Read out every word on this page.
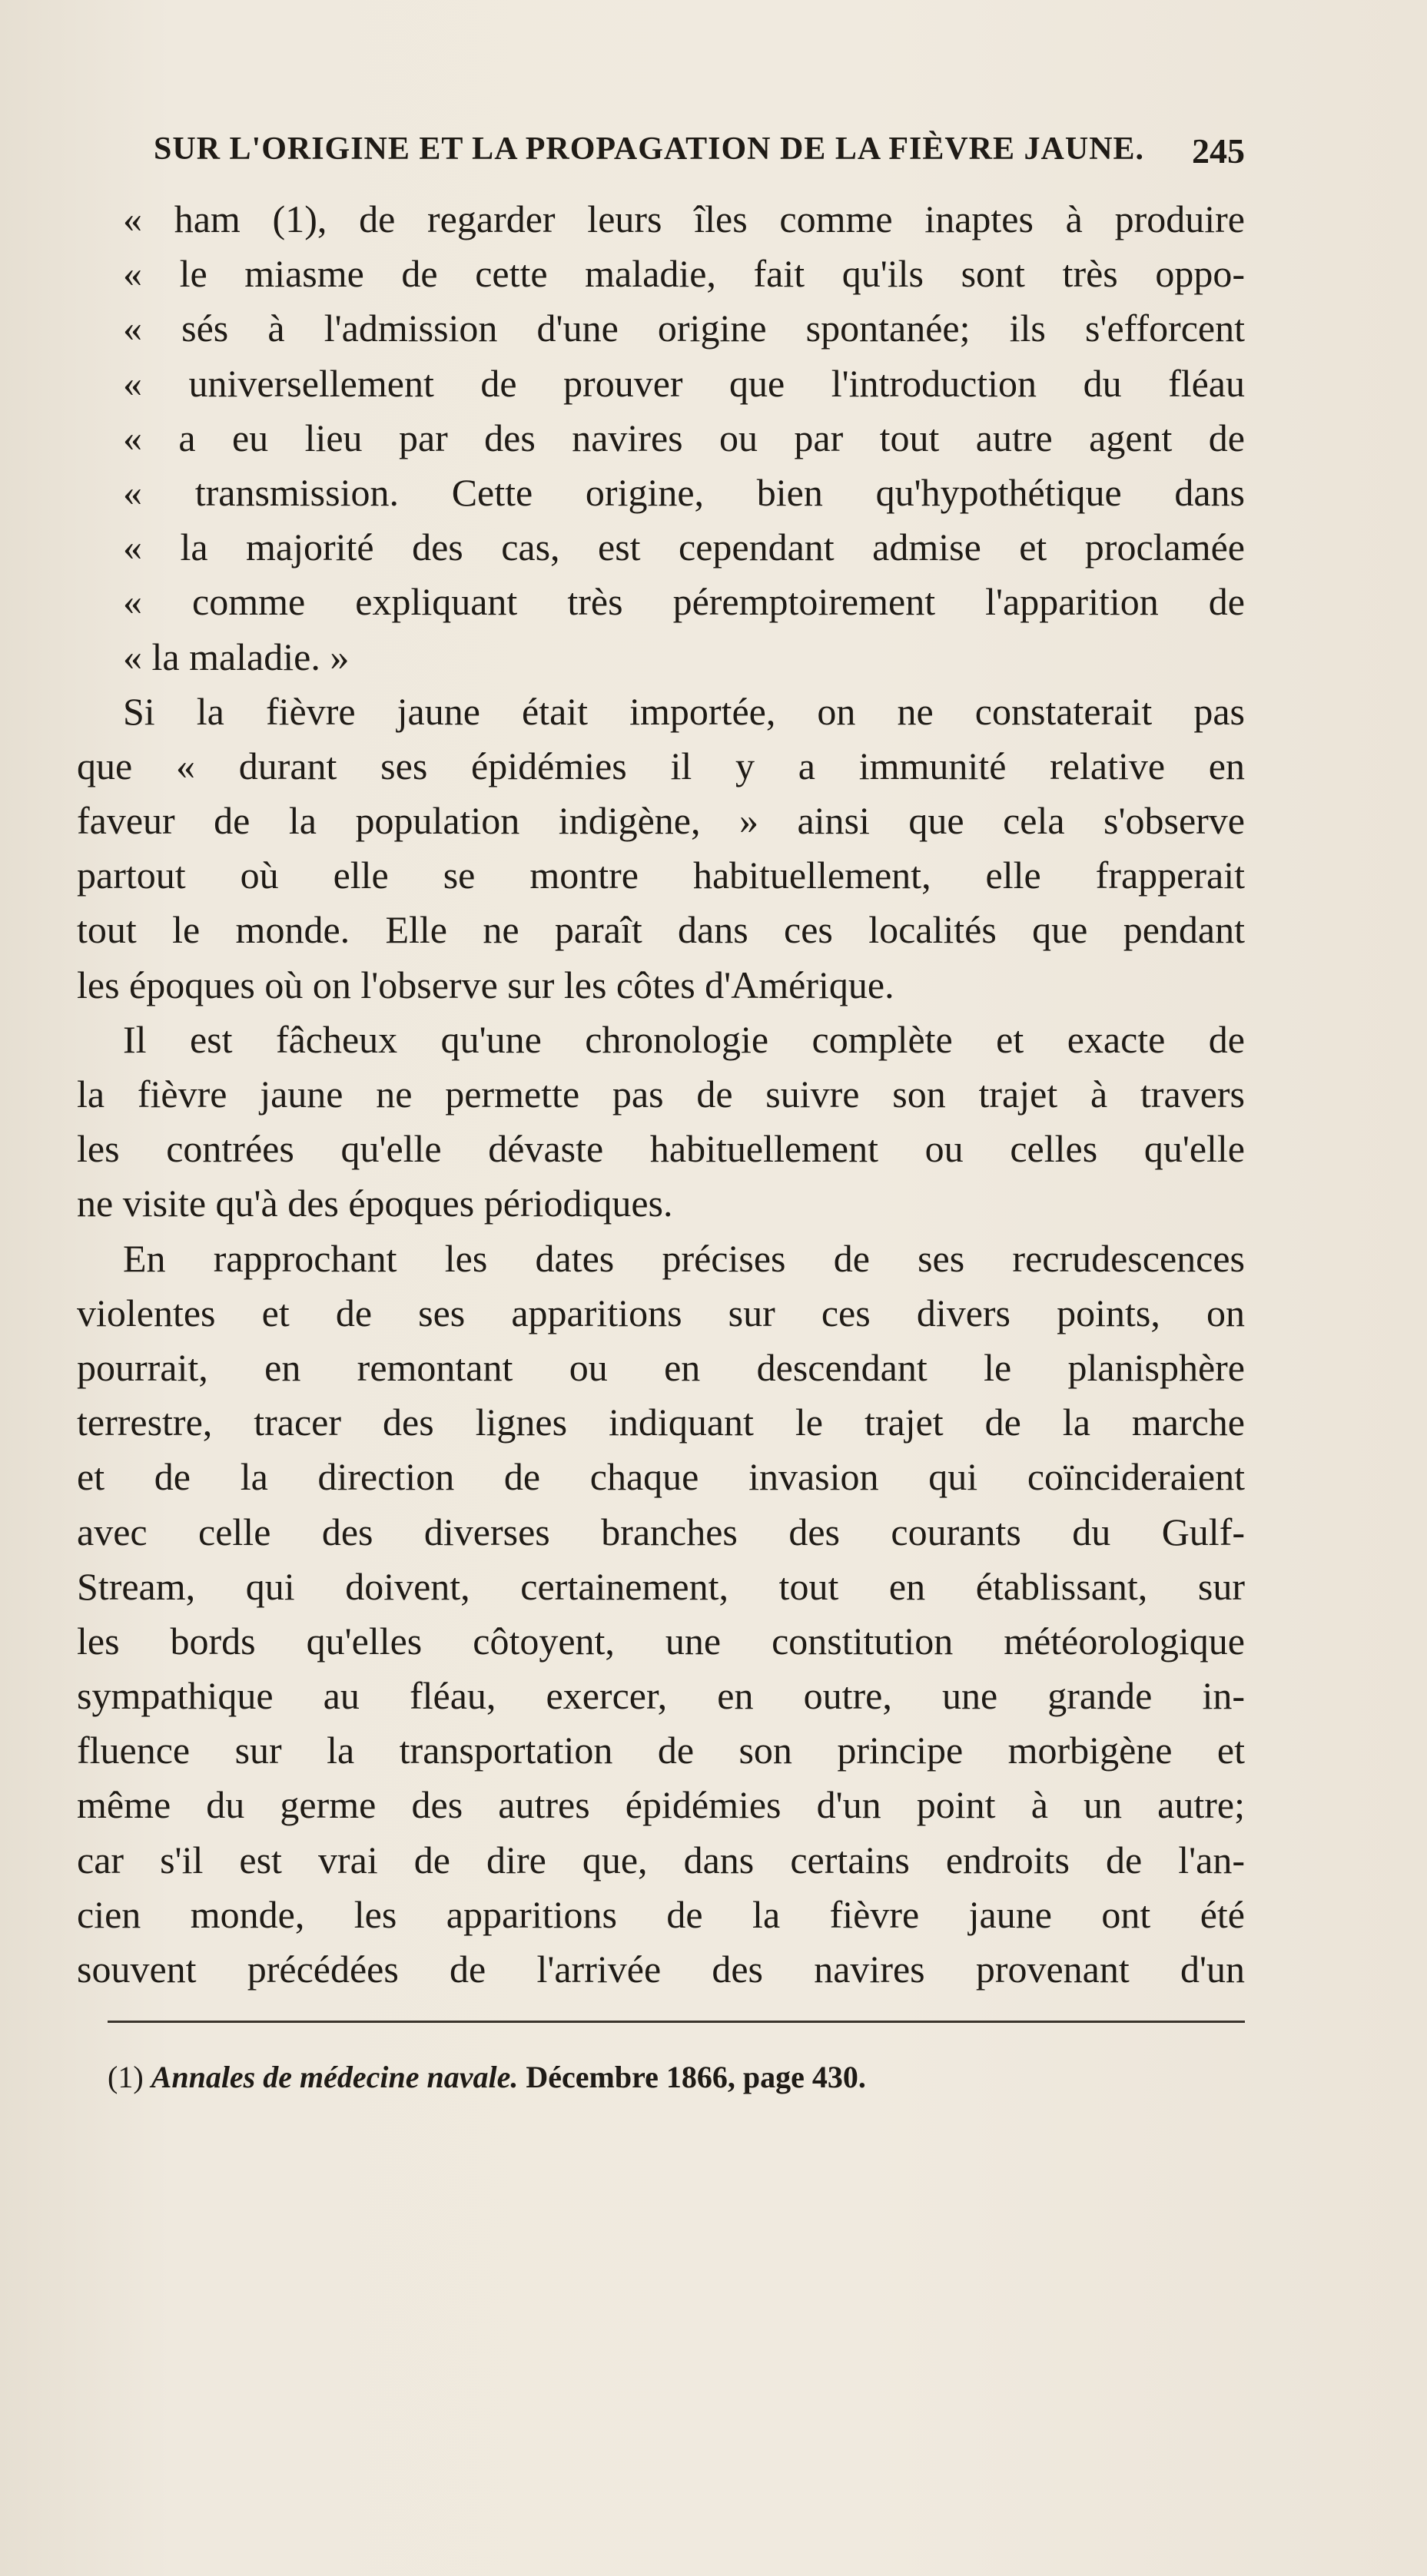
SUR L'ORIGINE ET LA PROPAGATION DE LA FIÈVRE JAUNE. 245
« ham (1), de regarder leurs îles comme inaptes à produire
« le miasme de cette maladie, fait qu'ils sont très oppo-
« sés à l'admission d'une origine spontanée; ils s'efforcent
« universellement de prouver que l'introduction du fléau
« a eu lieu par des navires ou par tout autre agent de
« transmission. Cette origine, bien qu'hypothétique dans
« la majorité des cas, est cependant admise et proclamée
« comme expliquant très péremptoirement l'apparition de
« la maladie. »
Si la fièvre jaune était importée, on ne constaterait pas
que « durant ses épidémies il y a immunité relative en
faveur de la population indigène, » ainsi que cela s'observe
partout où elle se montre habituellement, elle frapperait
tout le monde. Elle ne paraît dans ces localités que pendant
les époques où on l'observe sur les côtes d'Amérique.
Il est fâcheux qu'une chronologie complète et exacte de
la fièvre jaune ne permette pas de suivre son trajet à travers
les contrées qu'elle dévaste habituellement ou celles qu'elle
ne visite qu'à des époques périodiques.
En rapprochant les dates précises de ses recrudescences
violentes et de ses apparitions sur ces divers points, on
pourrait, en remontant ou en descendant le planisphère
terrestre, tracer des lignes indiquant le trajet de la marche
et de la direction de chaque invasion qui coïncideraient
avec celle des diverses branches des courants du Gulf-
Stream, qui doivent, certainement, tout en établissant, sur
les bords qu'elles côtoyent, une constitution météorologique
sympathique au fléau, exercer, en outre, une grande in-
fluence sur la transportation de son principe morbigène et
même du germe des autres épidémies d'un point à un autre;
car s'il est vrai de dire que, dans certains endroits de l'an-
cien monde, les apparitions de la fièvre jaune ont été
souvent précédées de l'arrivée des navires provenant d'un
(1) Annales de médecine navale. Décembre 1866, page 430.
